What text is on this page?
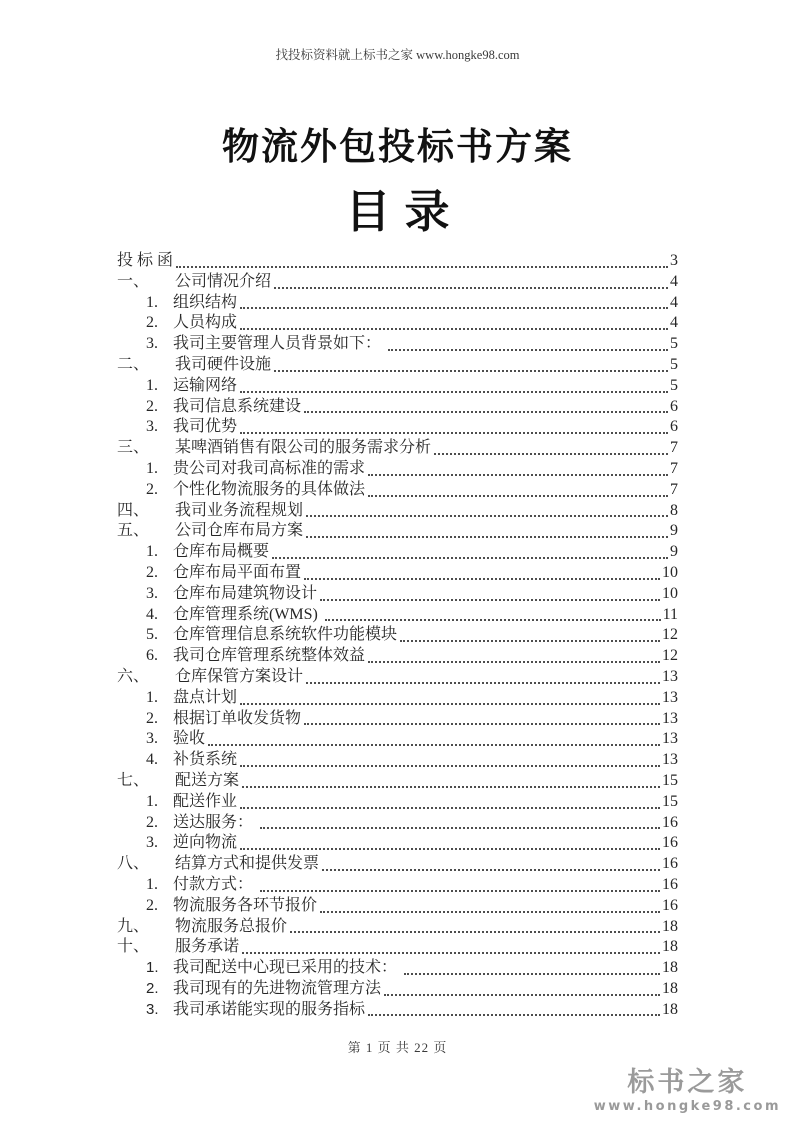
找投标资料就上标书之家 www.hongke98.com
物流外包投标书方案
目录
投 标 函	3
一、	公司情况介绍	4
1. 组织结构	4
2. 人员构成	4
3. 我司主要管理人员背景如下：	5
二、	我司硬件设施	5
1. 运输网络	5
2. 我司信息系统建设	6
3. 我司优势	6
三、	某啤酒销售有限公司的服务需求分析	7
1. 贵公司对我司高标准的需求	7
2. 个性化物流服务的具体做法	7
四、	我司业务流程规划	8
五、	公司仓库布局方案	9
1. 仓库布局概要	9
2. 仓库布局平面布置	10
3. 仓库布局建筑物设计	10
4. 仓库管理系统(WMS)	11
5. 仓库管理信息系统软件功能模块	12
6. 我司仓库管理系统整体效益	12
六、	仓库保管方案设计	13
1. 盘点计划	13
2. 根据订单收发货物	13
3. 验收	13
4. 补货系统	13
七、	配送方案	15
1. 配送作业	15
2. 送达服务：	16
3. 逆向物流	16
八、	结算方式和提供发票	16
1. 付款方式：	16
2. 物流服务各环节报价	16
九、	物流服务总报价	18
十、	服务承诺	18
1. 我司配送中心现已采用的技术：	18
2. 我司现有的先进物流管理方法	18
3. 我司承诺能实现的服务指标	18
第 1 页 共 22 页
标书之家
www.hongke98.com
